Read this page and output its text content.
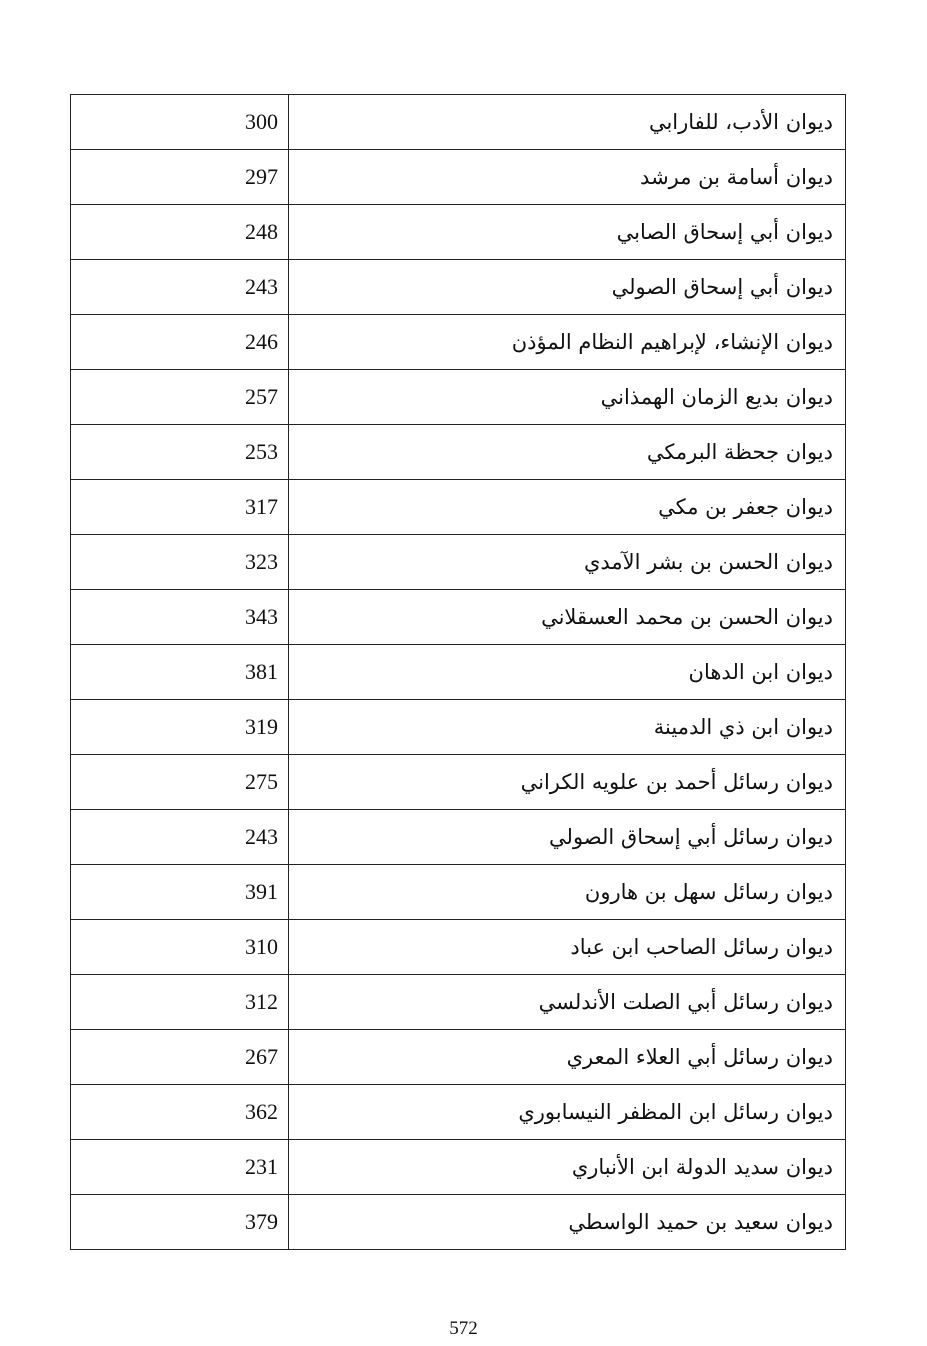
300	ديوان الأدب، للفارابي
297	ديوان أسامة بن مرشد
248	ديوان أبي إسحاق الصابي
243	ديوان أبي إسحاق الصولي
246	ديوان الإنشاء، لإبراهيم النظام المؤذن
257	ديوان بديع الزمان الهمذاني
253	ديوان جحظة البرمكي
317	ديوان جعفر بن مكي
323	ديوان الحسن بن بشر الآمدي
343	ديوان الحسن بن محمد العسقلاني
381	ديوان ابن الدهان
319	ديوان ابن ذي الدمينة
275	ديوان رسائل أحمد بن علويه الكراني
243	ديوان رسائل أبي إسحاق الصولي
391	ديوان رسائل سهل بن هارون
310	ديوان رسائل الصاحب ابن عباد
312	ديوان رسائل أبي الصلت الأندلسي
267	ديوان رسائل أبي العلاء المعري
362	ديوان رسائل ابن المظفر النيسابوري
231	ديوان سديد الدولة ابن الأنباري
379	ديوان سعيد بن حميد الواسطي
572
